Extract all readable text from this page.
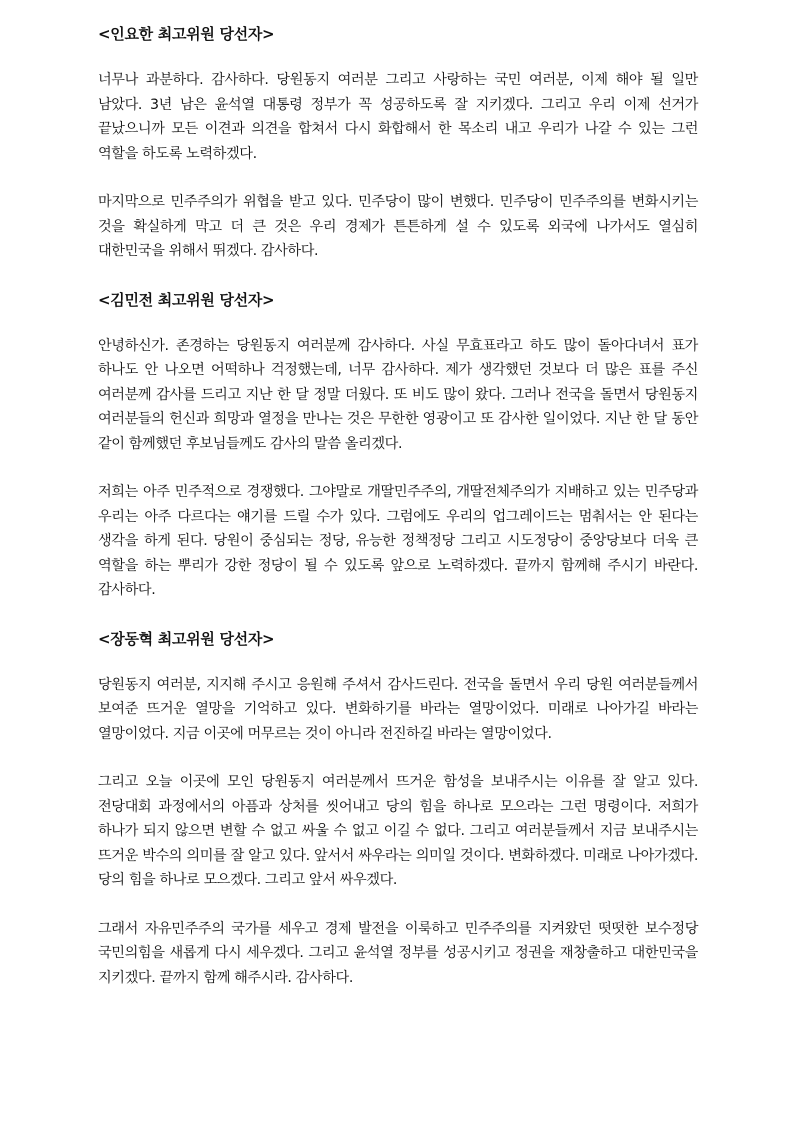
<인요한 최고위원 당선자>

너무나 과분하다. 감사하다. 당원동지 여러분 그리고 사랑하는 국민 여러분, 이제 해야 될 일만 남았다. 3년 남은 윤석열 대통령 정부가 꼭 성공하도록 잘 지키겠다. 그리고 우리 이제 선거가 끝났으니까 모든 이견과 의견을 합쳐서 다시 화합해서 한 목소리 내고 우리가 나갈 수 있는 그런 역할을 하도록 노력하겠다.

마지막으로 민주주의가 위협을 받고 있다. 민주당이 많이 변했다. 민주당이 민주주의를 변화시키는 것을 확실하게 막고 더 큰 것은 우리 경제가 튼튼하게 설 수 있도록 외국에 나가서도 열심히 대한민국을 위해서 뛰겠다. 감사하다.

<김민전 최고위원 당선자>

안녕하신가. 존경하는 당원동지 여러분께 감사하다. 사실 무효표라고 하도 많이 돌아다녀서 표가 하나도 안 나오면 어떡하나 걱정했는데, 너무 감사하다. 제가 생각했던 것보다 더 많은 표를 주신 여러분께 감사를 드리고 지난 한 달 정말 더웠다. 또 비도 많이 왔다. 그러나 전국을 돌면서 당원동지 여러분들의 헌신과 희망과 열정을 만나는 것은 무한한 영광이고 또 감사한 일이었다. 지난 한 달 동안 같이 함께했던 후보님들께도 감사의 말씀 올리겠다.

저희는 아주 민주적으로 경쟁했다. 그야말로 개딸민주주의, 개딸전체주의가 지배하고 있는 민주당과 우리는 아주 다르다는 얘기를 드릴 수가 있다. 그럼에도 우리의 업그레이드는 멈춰서는 안 된다는 생각을 하게 된다. 당원이 중심되는 정당, 유능한 정책정당 그리고 시도정당이 중앙당보다 더욱 큰 역할을 하는 뿌리가 강한 정당이 될 수 있도록 앞으로 노력하겠다. 끝까지 함께해 주시기 바란다. 감사하다.

<장동혁 최고위원 당선자>

당원동지 여러분, 지지해 주시고 응원해 주셔서 감사드린다. 전국을 돌면서 우리 당원 여러분들께서 보여준 뜨거운 열망을 기억하고 있다. 변화하기를 바라는 열망이었다. 미래로 나아가길 바라는 열망이었다. 지금 이곳에 머무르는 것이 아니라 전진하길 바라는 열망이었다.

그리고 오늘 이곳에 모인 당원동지 여러분께서 뜨거운 함성을 보내주시는 이유를 잘 알고 있다. 전당대회 과정에서의 아픔과 상처를 씻어내고 당의 힘을 하나로 모으라는 그런 명령이다. 저희가 하나가 되지 않으면 변할 수 없고 싸울 수 없고 이길 수 없다. 그리고 여러분들께서 지금 보내주시는 뜨거운 박수의 의미를 잘 알고 있다. 앞서서 싸우라는 의미일 것이다. 변화하겠다. 미래로 나아가겠다. 당의 힘을 하나로 모으겠다. 그리고 앞서 싸우겠다.

그래서 자유민주주의 국가를 세우고 경제 발전을 이룩하고 민주주의를 지켜왔던 떳떳한 보수정당 국민의힘을 새롭게 다시 세우겠다. 그리고 윤석열 정부를 성공시키고 정권을 재창출하고 대한민국을 지키겠다. 끝까지 함께 해주시라. 감사하다.
